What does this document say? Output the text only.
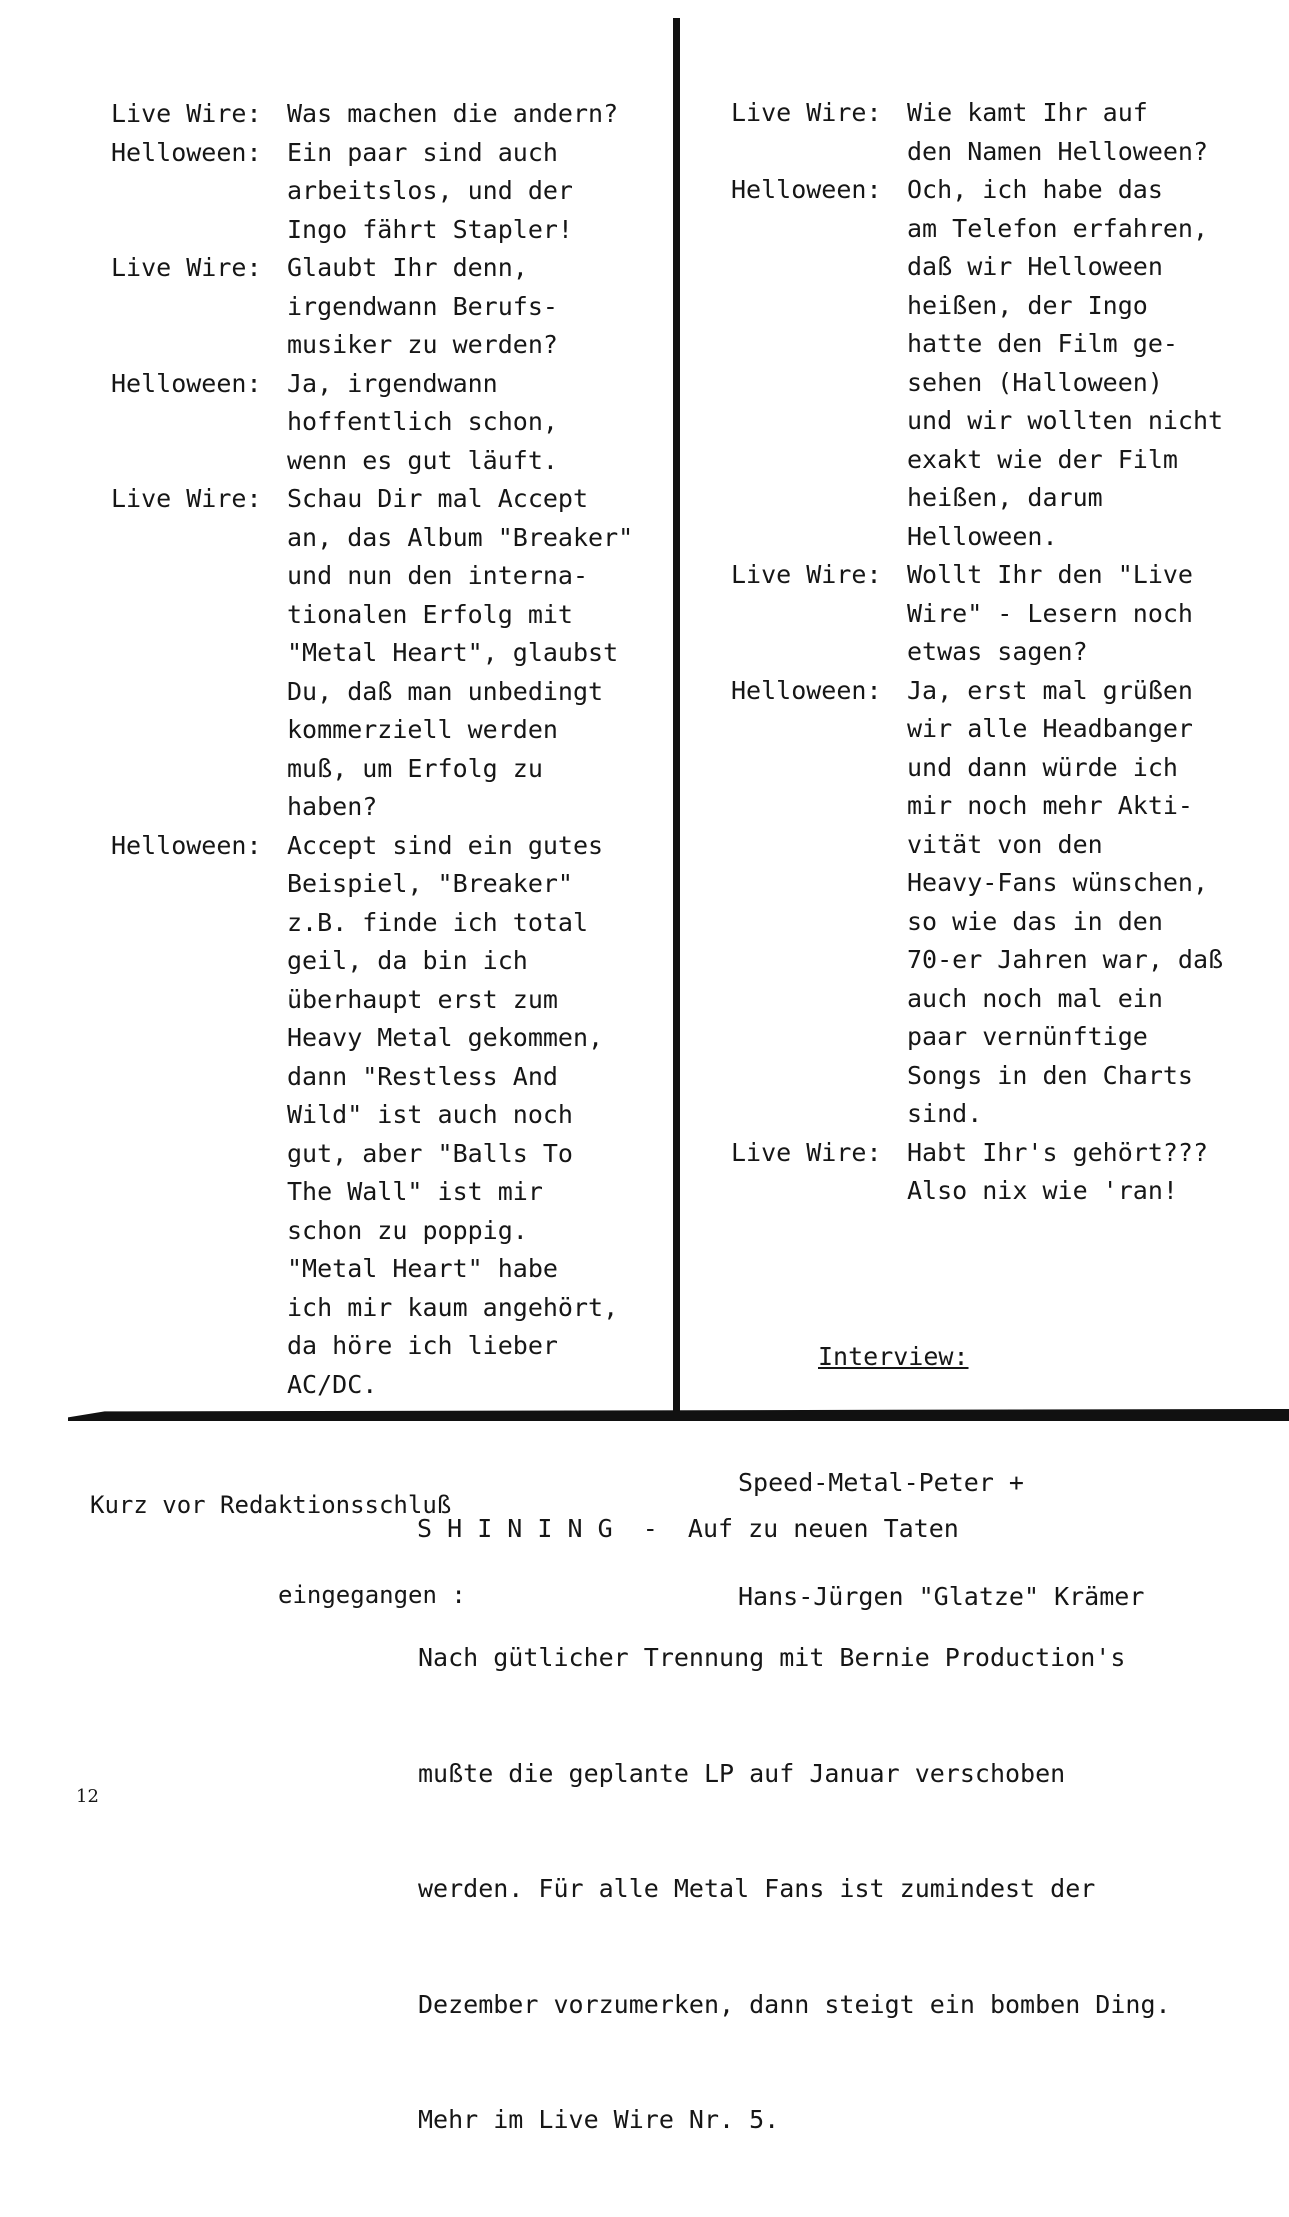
Live Wire:	Was machen die andern?
Helloween:	Ein paar sind auch
arbeitslos, und der
Ingo fährt Stapler!
Live Wire:	Glaubt Ihr denn,
irgendwann Berufs-
musiker zu werden?
Helloween:	Ja, irgendwann
hoffentlich schon,
wenn es gut läuft.
Live Wire:	Schau Dir mal Accept
an, das Album "Breaker"
und nun den interna-
tionalen Erfolg mit
"Metal Heart", glaubst
Du, daß man unbedingt
kommerziell werden
muß, um Erfolg zu
haben?
Helloween:	Accept sind ein gutes
Beispiel, "Breaker"
z.B. finde ich total
geil, da bin ich
überhaupt erst zum
Heavy Metal gekommen,
dann "Restless And
Wild" ist auch noch
gut, aber "Balls To
The Wall" ist mir
schon zu poppig.
"Metal Heart" habe
ich mir kaum angehört,
da höre ich lieber
AC/DC.
Live Wire:	Wie kamt Ihr auf
den Namen Helloween?
Helloween:	Och, ich habe das
am Telefon erfahren,
daß wir Helloween
heißen, der Ingo
hatte den Film ge-
sehen (Halloween)
und wir wollten nicht
exakt wie der Film
heißen, darum
Helloween.
Live Wire:	Wollt Ihr den "Live
Wire" - Lesern noch
etwas sagen?
Helloween:	Ja, erst mal grüßen
wir alle Headbanger
und dann würde ich
mir noch mehr Akti-
vität von den
Heavy-Fans wünschen,
so wie das in den
70-er Jahren war, daß
auch noch mal ein
paar vernünftige
Songs in den Charts
sind.
Live Wire:	Habt Ihr's gehört???
Also nix wie 'ran!

Interview:

Speed-Metal-Peter +

Hans-Jürgen "Glatze" Krämer

Kurz vor Redaktionsschluß

eingegangen :

S H I N I N G  -  Auf zu neuen Taten

Nach gütlicher Trennung mit Bernie Production's

mußte die geplante LP auf Januar verschoben

werden. Für alle Metal Fans ist zumindest der

Dezember vorzumerken, dann steigt ein bomben Ding.

Mehr im Live Wire Nr. 5.

12
